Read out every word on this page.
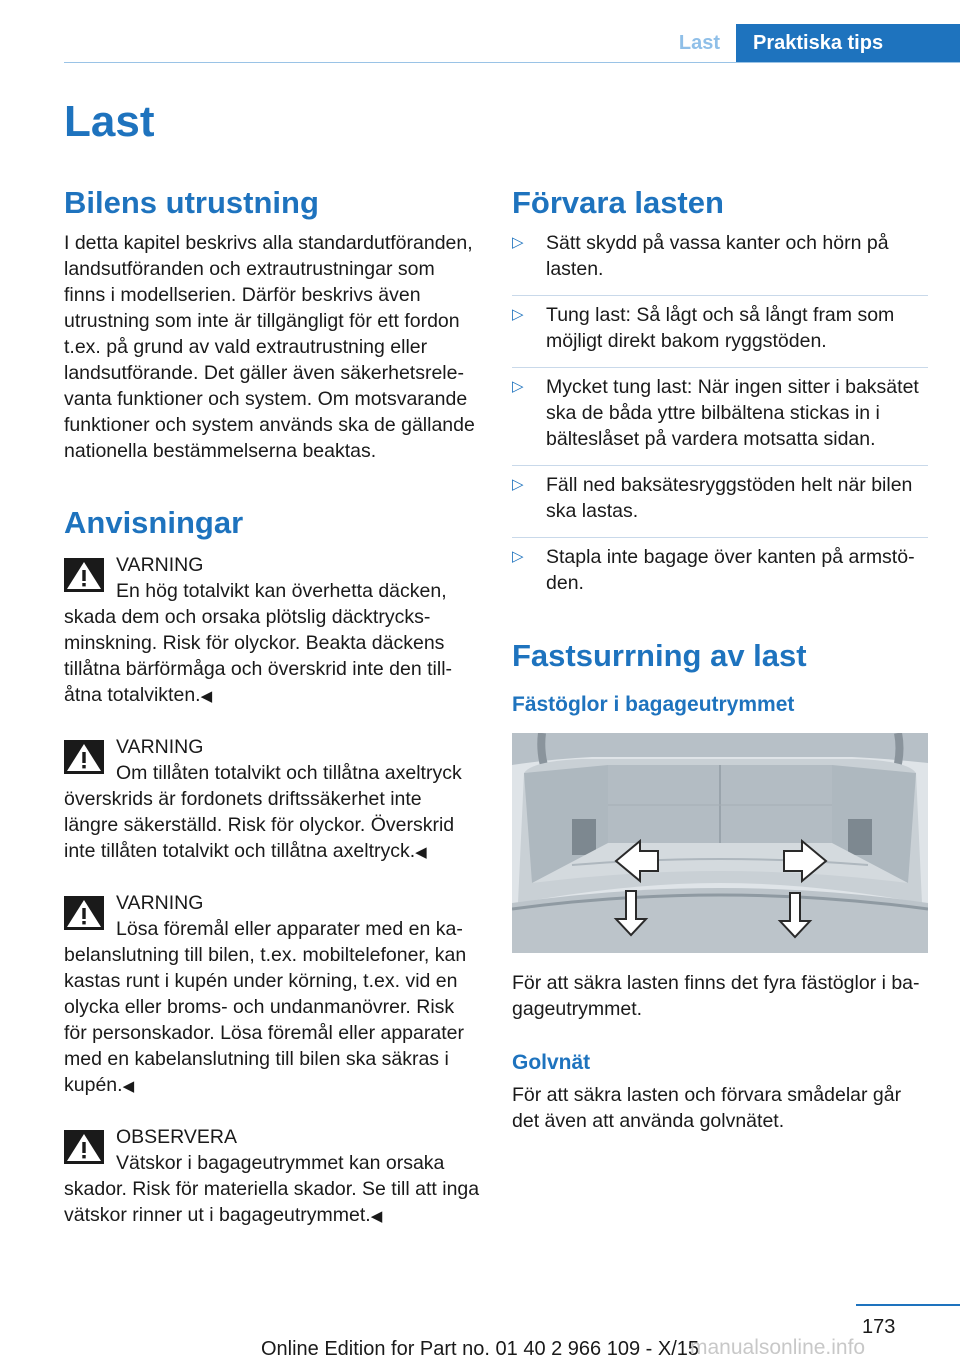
Last	Praktiska tips
Last
Bilens utrustning

I detta kapitel beskrivs alla standardutföranden, landsutföranden och extrautrustningar som finns i modellserien. Därför beskrivs även utrustning som inte är tillgängligt för ett fordon t.ex. på grund av vald extrautrustning eller landsutförande. Det gäller även säkerhetsrelevanta funktioner och system. Om motsvarande funktioner och system används ska de gällande nationella bestämmelserna beaktas.

Anvisningar
VARNING

En hög totalvikt kan överhetta däcken, skada dem och orsaka plötslig däcktrycksminskning. Risk för olyckor. Beakta däckens tillåtna bärförmåga och överskrid inte den tillåtna totalvikten.◀

VARNING

Om tillåten totalvikt och tillåtna axeltryck överskrids är fordonets driftssäkerhet inte längre säkerställd. Risk för olyckor. Överskrid inte tillåten totalvikt och tillåtna axeltryck.◀

VARNING

Lösa föremål eller apparater med en kabelanslutning till bilen, t.ex. mobiltelefoner, kan kastas runt i kupén under körning, t.ex. vid en olycka eller broms- och undanmanövrer. Risk för personskador. Lösa föremål eller apparater med en kabelanslutning till bilen ska säkras i kupén.◀

OBSERVERA

Vätskor i bagageutrymmet kan orsaka skador. Risk för materiella skador. Se till att inga vätskor rinner ut i bagageutrymmet.◀

Förvara lasten
▷ Sätt skydd på vassa kanter och hörn på lasten.
▷ Tung last: Så lågt och så långt fram som möjligt direkt bakom ryggstöden.
▷ Mycket tung last: När ingen sitter i baksätet ska de båda yttre bilbältena stickas in i bälteslåset på vardera motsatta sidan.
▷ Fäll ned baksätesryggstöden helt när bilen ska lastas.
▷ Stapla inte bagage över kanten på armstöden.
Fastsurrning av last
Fästöglor i bagageutrymmet

För att säkra lasten finns det fyra fästöglor i bagageutrymmet.

Golvnät

För att säkra lasten och förvara smådelar går det även att använda golvnätet.

173
Online Edition for Part no. 01 40 2 966 109 - X/15
manualsonline.info
